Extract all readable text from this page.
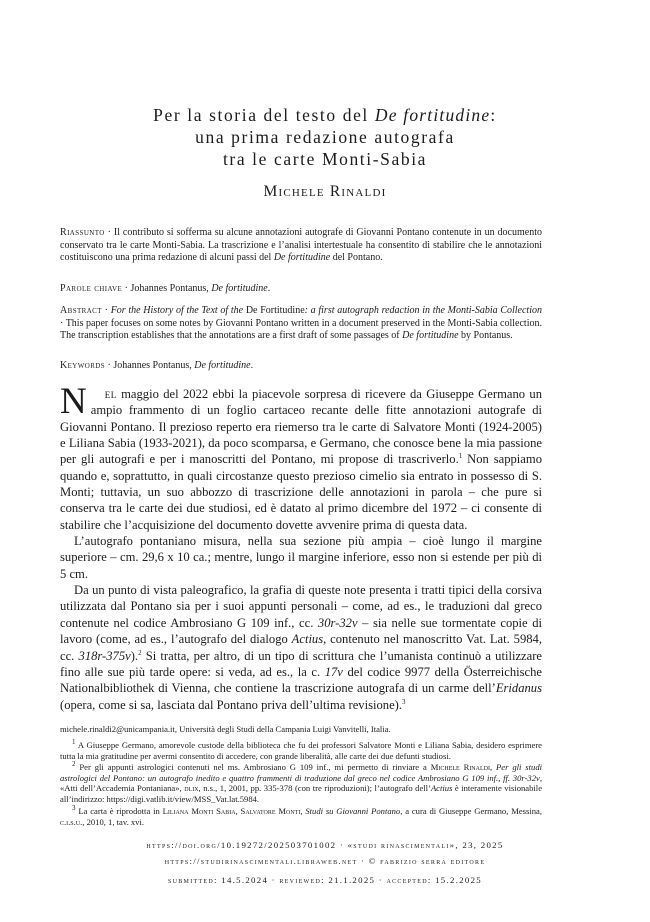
Per la storia del testo del De fortitudine:
una prima redazione autografa
tra le carte Monti-Sabia

Michele Rinaldi

Riassunto · Il contributo si sofferma su alcune annotazioni autografe di Giovanni Pontano contenute in un documento conservato tra le carte Monti-Sabia. La trascrizione e l’analisi intertestuale ha consentito di stabilire che le annotazioni costituiscono una prima redazione di alcuni passi del De fortitudine del Pontano.

Parole chiave · Johannes Pontanus, De fortitudine.

Abstract · For the History of the Text of the De Fortitudine: a first autograph redaction in the Monti-Sabia Collection · This paper focuses on some notes by Giovanni Pontano written in a document preserved in the Monti-Sabia collection. The transcription establishes that the annotations are a first draft of some passages of De fortitudine by Pontanus.

Keywords · Johannes Pontanus, De fortitudine.

N	el maggio del 2022 ebbi la piacevole sorpresa di ricevere da Giuseppe Germano un ampio frammento di un foglio cartaceo recante delle fitte annotazioni autografe di Giovanni Pontano. Il prezioso reperto era riemerso tra le carte di Salvatore Monti (1924-2005) e Liliana Sabia (1933-2021), da poco scomparsa, e Germano, che conosce bene la mia passione per gli autografi e per i manoscritti del Pontano, mi propose di trascriverlo.$^1$ Non sappiamo quando e, soprattutto, in quali circostanze questo prezioso cimelio sia entrato in possesso di S. Monti; tuttavia, un suo abbozzo di trascrizione delle annotazioni in parola – che pure si conserva tra le carte dei due studiosi, ed è datato al primo dicembre del 1972 – ci consente di stabilire che l’acquisizione del documento dovette avvenire prima di questa data.

L’autografo pontaniano misura, nella sua sezione più ampia – cioè lungo il margine superiore – cm. 29,6 x 10 ca.; mentre, lungo il margine inferiore, esso non si estende per più di 5 cm.

Da un punto di vista paleografico, la grafia di queste note presenta i tratti tipici della corsiva utilizzata dal Pontano sia per i suoi appunti personali – come, ad es., le traduzioni dal greco contenute nel codice Ambrosiano G 109 inf., cc. 30r-32v – sia nelle sue tormentate copie di lavoro (come, ad es., l’autografo del dialogo Actius, contenuto nel manoscritto Vat. Lat. 5984, cc. 318r-375v).$^2$ Si tratta, per altro, di un tipo di scrittura che l’umanista continuò a utilizzare fino alle sue più tarde opere: si veda, ad es., la c. 17v del codice 9977 della Österreichische Nationalbibliothek di Vienna, che contiene la trascrizione autografa di un carme dell’Eridanus (opera, come si sa, lasciata dal Pontano priva dell’ultima revisione).$^3$

michele.rinaldi2@unicampania.it, Università degli Studi della Campania Luigi Vanvitelli, Italia.

$^1$ A Giuseppe Germano, amorevole custode della biblioteca che fu dei professori Salvatore Monti e Liliana Sabia, desidero esprimere tutta la mia gratitudine per avermi consentito di accedere, con grande liberalità, alle carte dei due defunti studiosi.

$^2$ Per gli appunti astrologici contenuti nel ms. Ambrosiano G 109 inf., mi permetto di rinviare a Michele Rinaldi, Per gli studi astrologici del Pontano: un autografo inedito e quattro frammenti di traduzione dal greco nel codice Ambrosiano G 109 inf., ff. 30r-32v, «Atti dell’Accademia Pontaniana», dlix, n.s., 1, 2001, pp. 335-378 (con tre riproduzioni); l’autografo dell’Actius è interamente visionabile all’indirizzo: https://digi.vatlib.it/view/MSS_Vat.lat.5984.

$^3$ La carta è riprodotta in Liliana Monti Sabia, Salvatore Monti, Studi su Giovanni Pontano, a cura di Giuseppe Germano, Messina, c.i.s.u., 2010, 1, tav. xvi.

https://doi.org/10.19272/202503701002 · «studi rinascimentali», 23, 2025
https://studirinascimentali.libraweb.net · © fabrizio serra editore
submitted: 14.5.2024 · reviewed: 21.1.2025 · accepted: 15.2.2025
